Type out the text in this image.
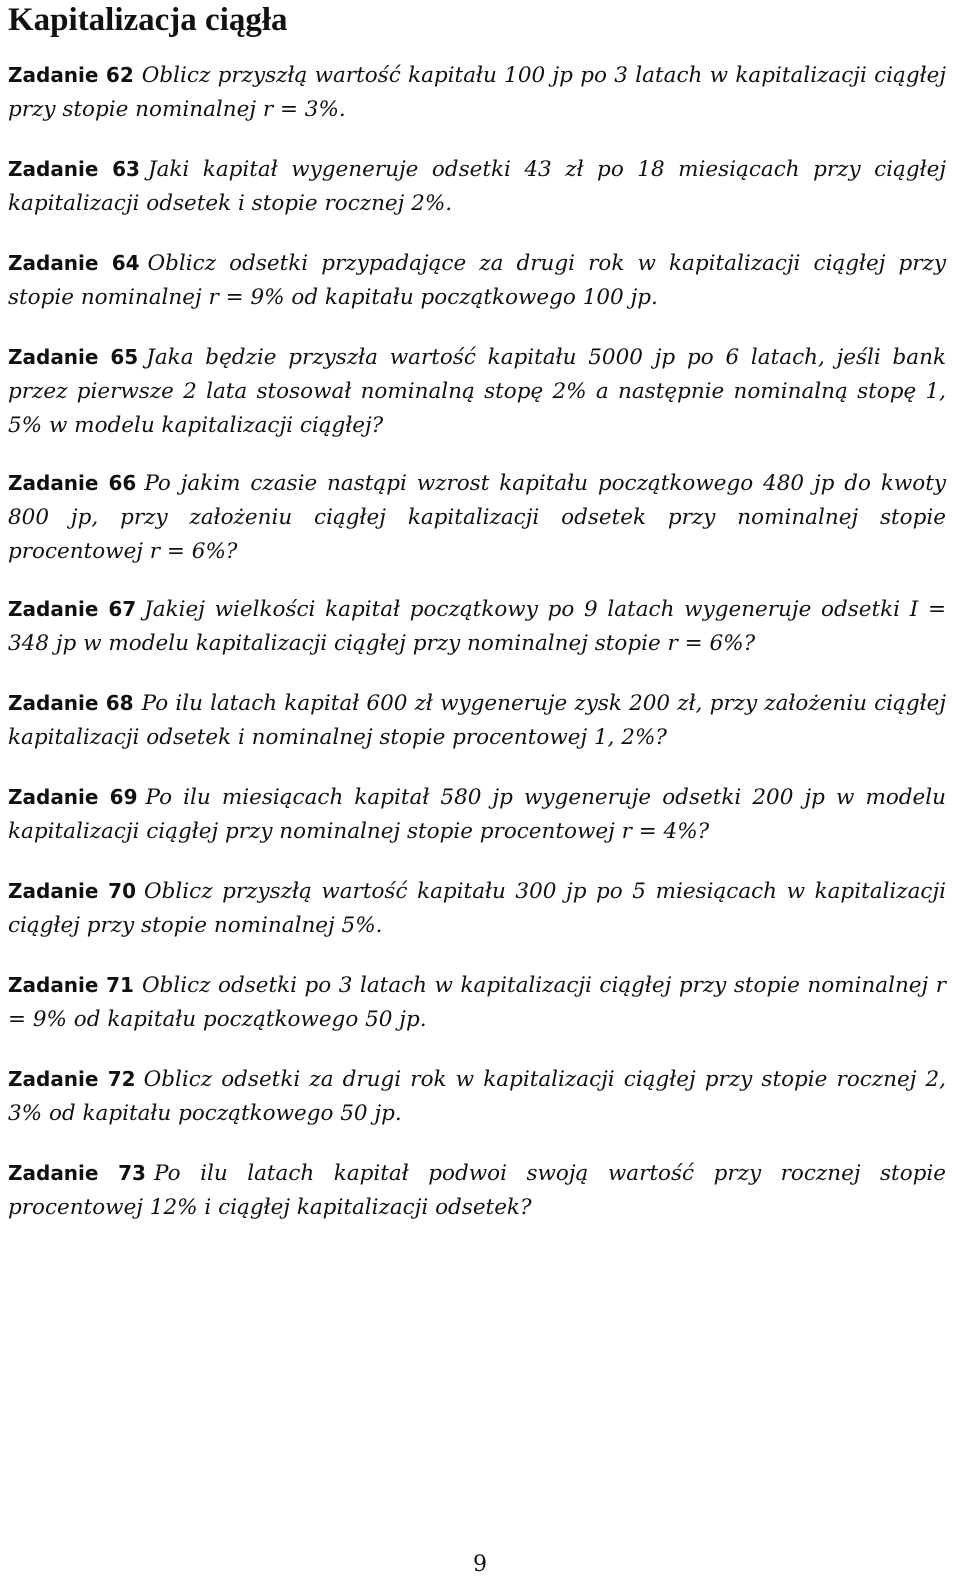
Kapitalizacja ciągła

Zadanie 62 Oblicz przyszłą wartość kapitału 100 jp po 3 latach w kapitalizacji ciągłej przy stopie nominalnej r = 3%.

Zadanie 63 Jaki kapitał wygeneruje odsetki 43 zł po 18 miesiącach przy ciągłej kapitalizacji odsetek i stopie rocznej 2%.

Zadanie 64 Oblicz odsetki przypadające za drugi rok w kapitalizacji ciągłej przy stopie nominalnej r = 9% od kapitału początkowego 100 jp.

Zadanie 65 Jaka będzie przyszła wartość kapitału 5000 jp po 6 latach, jeśli bank przez pierwsze 2 lata stosował nominalną stopę 2% a następnie nominalną stopę 1, 5% w modelu kapitalizacji ciągłej?

Zadanie 66 Po jakim czasie nastąpi wzrost kapitału początkowego 480 jp do kwoty 800 jp, przy założeniu ciągłej kapitalizacji odsetek przy nominalnej stopie procentowej r = 6%?

Zadanie 67 Jakiej wielkości kapitał początkowy po 9 latach wygeneruje odsetki I = 348 jp w modelu kapitalizacji ciągłej przy nominalnej stopie r = 6%?

Zadanie 68 Po ilu latach kapitał 600 zł wygeneruje zysk 200 zł, przy założeniu ciągłej kapitalizacji odsetek i nominalnej stopie procentowej 1, 2%?

Zadanie 69 Po ilu miesiącach kapitał 580 jp wygeneruje odsetki 200 jp w modelu kapitalizacji ciągłej przy nominalnej stopie procentowej r = 4%?

Zadanie 70 Oblicz przyszłą wartość kapitału 300 jp po 5 miesiącach w kapitalizacji ciągłej przy stopie nominalnej 5%.

Zadanie 71 Oblicz odsetki po 3 latach w kapitalizacji ciągłej przy stopie nominalnej r = 9% od kapitału początkowego 50 jp.

Zadanie 72 Oblicz odsetki za drugi rok w kapitalizacji ciągłej przy stopie rocznej 2, 3% od kapitału początkowego 50 jp.

Zadanie 73 Po ilu latach kapitał podwoi swoją wartość przy rocznej stopie procentowej 12% i ciągłej kapitalizacji odsetek?

9
